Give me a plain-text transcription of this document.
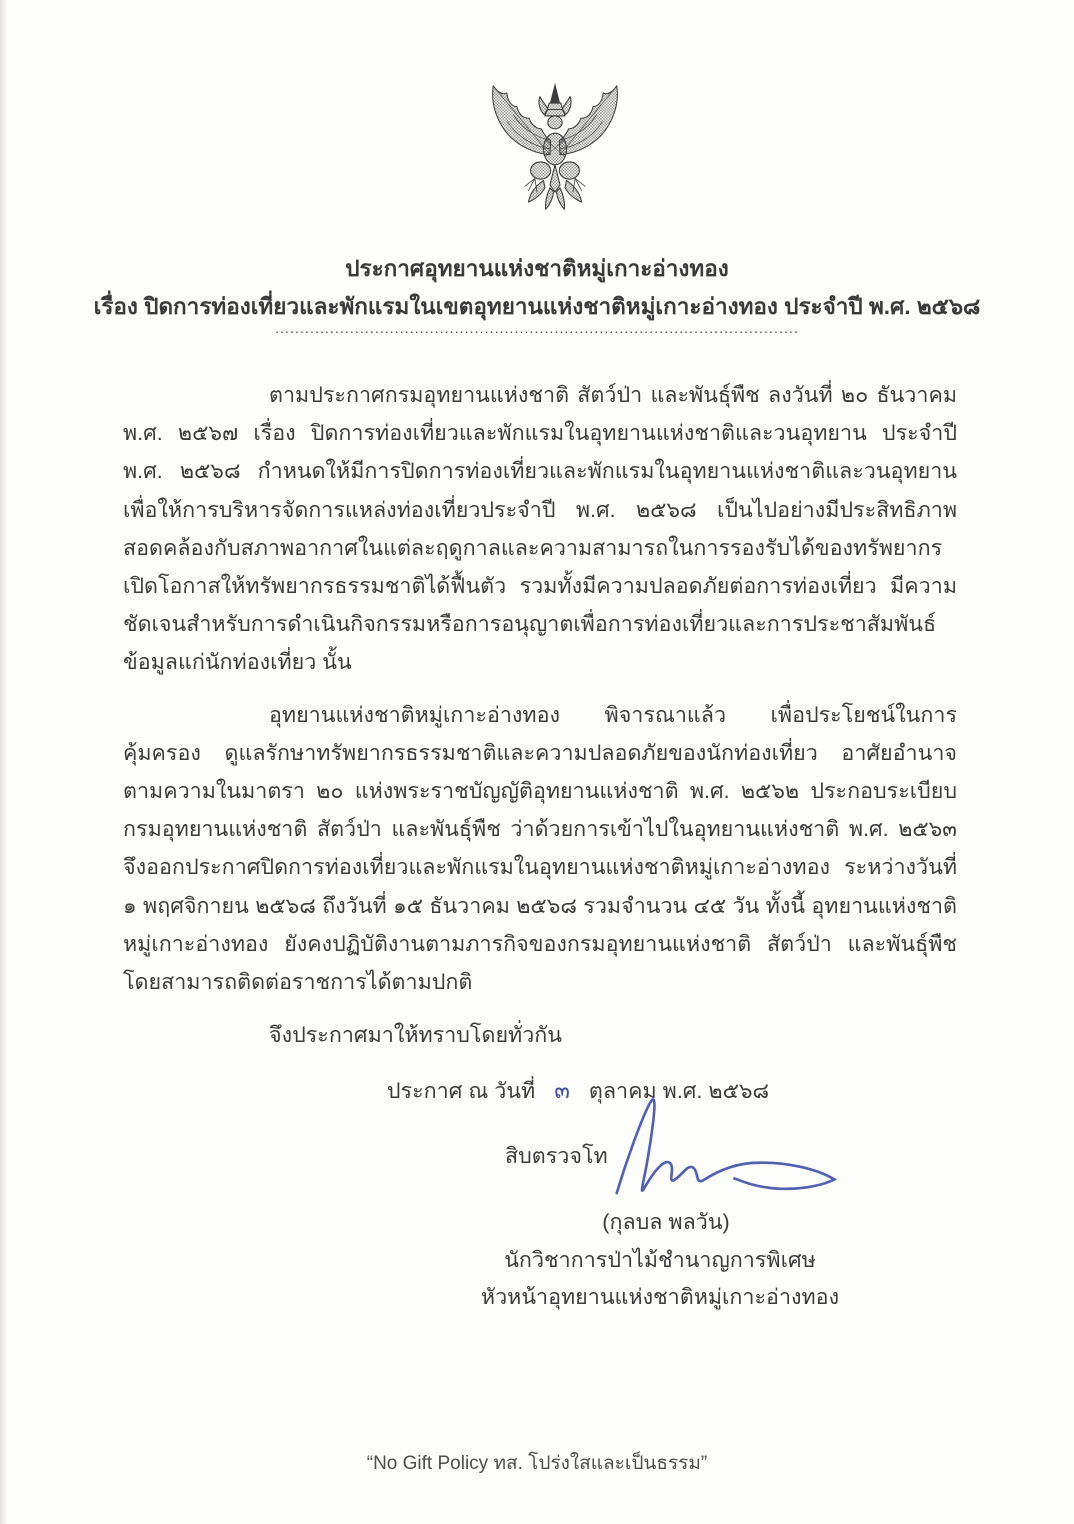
ประกาศอุทยานแห่งชาติหมู่เกาะอ่างทอง
เรื่อง ปิดการท่องเที่ยวและพักแรมในเขตอุทยานแห่งชาติหมู่เกาะอ่างทอง ประจำปี พ.ศ. ๒๕๖๘
.........................................................................................................

ตามประกาศกรมอุทยานแห่งชาติ สัตว์ป่า และพันธุ์พืช ลงวันที่ ๒๐ ธันวาคม พ.ศ. ๒๕๖๗ เรื่อง ปิดการท่องเที่ยวและพักแรมในอุทยานแห่งชาติและวนอุทยาน ประจำปี พ.ศ. ๒๕๖๘ กำหนดให้มีการปิดการท่องเที่ยวและพักแรมในอุทยานแห่งชาติและวนอุทยาน เพื่อให้การบริหารจัดการแหล่งท่องเที่ยวประจำปี พ.ศ. ๒๕๖๘ เป็นไปอย่างมีประสิทธิภาพ สอดคล้องกับสภาพอากาศในแต่ละฤดูกาลและความสามารถในการรองรับได้ของทรัพยากร เปิดโอกาสให้ทรัพยากรธรรมชาติได้ฟื้นตัว รวมทั้งมีความปลอดภัยต่อการท่องเที่ยว มีความชัดเจนสำหรับการดำเนินกิจกรรมหรือการอนุญาตเพื่อการท่องเที่ยวและการประชาสัมพันธ์ข้อมูลแก่นักท่องเที่ยว นั้น

อุทยานแห่งชาติหมู่เกาะอ่างทอง พิจารณาแล้ว เพื่อประโยชน์ในการคุ้มครอง ดูแลรักษาทรัพยากรธรรมชาติและความปลอดภัยของนักท่องเที่ยว อาศัยอำนาจตามความในมาตรา ๒๐ แห่งพระราชบัญญัติอุทยานแห่งชาติ พ.ศ. ๒๕๖๒ ประกอบระเบียบกรมอุทยานแห่งชาติ สัตว์ป่า และพันธุ์พืช ว่าด้วยการเข้าไปในอุทยานแห่งชาติ พ.ศ. ๒๕๖๓ จึงออกประกาศปิดการท่องเที่ยวและพักแรมในอุทยานแห่งชาติหมู่เกาะอ่างทอง ระหว่างวันที่ ๑ พฤศจิกายน ๒๕๖๘ ถึงวันที่ ๑๕ ธันวาคม ๒๕๖๘ รวมจำนวน ๔๕ วัน ทั้งนี้ อุทยานแห่งชาติหมู่เกาะอ่างทอง ยังคงปฏิบัติงานตามภารกิจของกรมอุทยานแห่งชาติ สัตว์ป่า และพันธุ์พืช โดยสามารถติดต่อราชการได้ตามปกติ

จึงประกาศมาให้ทราบโดยทั่วกัน
ประกาศ ณ วันที่ ๓ ตุลาคม พ.ศ. ๒๕๖๘
สิบตรวจโท
(กุลบล พลวัน)
นักวิชาการป่าไม้ชำนาญการพิเศษ
หัวหน้าอุทยานแห่งชาติหมู่เกาะอ่างทอง
“No Gift Policy ทส. โปร่งใสและเป็นธรรม”
